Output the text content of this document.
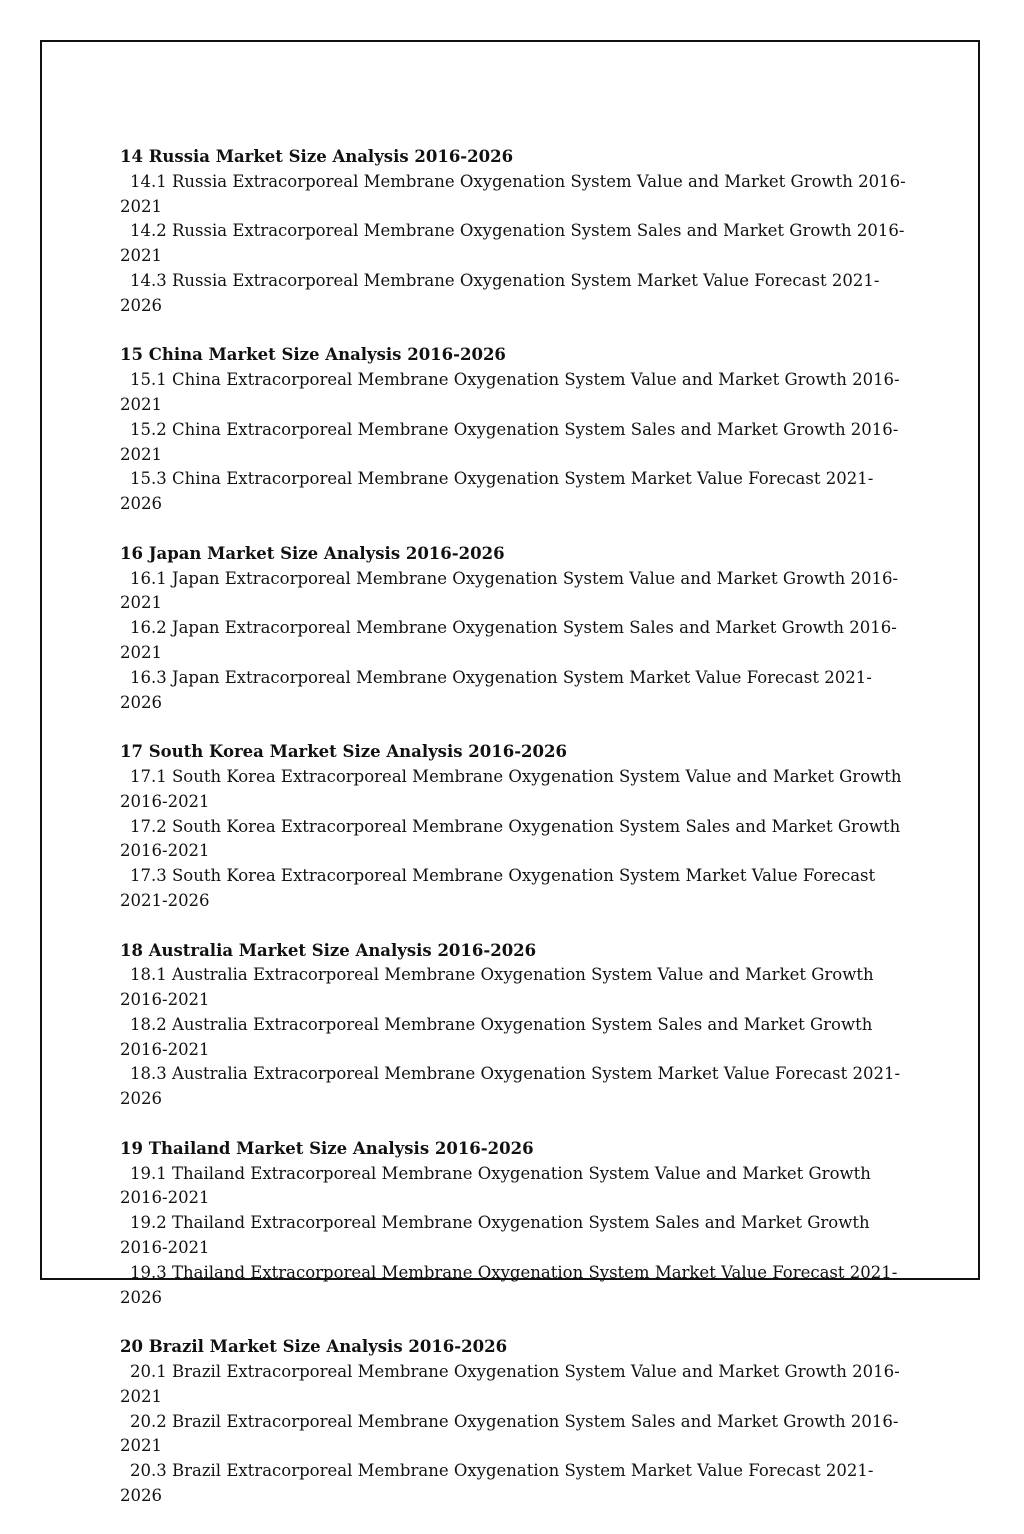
14 Russia Market Size Analysis 2016-2026

14.1 Russia Extracorporeal Membrane Oxygenation System Value and Market Growth 2016-2021

14.2 Russia Extracorporeal Membrane Oxygenation System Sales and Market Growth 2016-2021

14.3 Russia Extracorporeal Membrane Oxygenation System Market Value Forecast 2021-2026

15 China Market Size Analysis 2016-2026

15.1 China Extracorporeal Membrane Oxygenation System Value and Market Growth 2016-2021

15.2 China Extracorporeal Membrane Oxygenation System Sales and Market Growth 2016-2021

15.3 China Extracorporeal Membrane Oxygenation System Market Value Forecast 2021-2026

16 Japan Market Size Analysis 2016-2026

16.1 Japan Extracorporeal Membrane Oxygenation System Value and Market Growth 2016-2021

16.2 Japan Extracorporeal Membrane Oxygenation System Sales and Market Growth 2016-2021

16.3 Japan Extracorporeal Membrane Oxygenation System Market Value Forecast 2021-2026

17 South Korea Market Size Analysis 2016-2026

17.1 South Korea Extracorporeal Membrane Oxygenation System Value and Market Growth 2016-2021

17.2 South Korea Extracorporeal Membrane Oxygenation System Sales and Market Growth 2016-2021

17.3 South Korea Extracorporeal Membrane Oxygenation System Market Value Forecast 2021-2026

18 Australia Market Size Analysis 2016-2026

18.1 Australia Extracorporeal Membrane Oxygenation System Value and Market Growth 2016-2021

18.2 Australia Extracorporeal Membrane Oxygenation System Sales and Market Growth 2016-2021

18.3 Australia Extracorporeal Membrane Oxygenation System Market Value Forecast 2021-2026

19 Thailand Market Size Analysis 2016-2026

19.1 Thailand Extracorporeal Membrane Oxygenation System Value and Market Growth 2016-2021

19.2 Thailand Extracorporeal Membrane Oxygenation System Sales and Market Growth 2016-2021

19.3 Thailand Extracorporeal Membrane Oxygenation System Market Value Forecast 2021-2026

20 Brazil Market Size Analysis 2016-2026

20.1 Brazil Extracorporeal Membrane Oxygenation System Value and Market Growth 2016-2021

20.2 Brazil Extracorporeal Membrane Oxygenation System Sales and Market Growth 2016-2021

20.3 Brazil Extracorporeal Membrane Oxygenation System Market Value Forecast 2021-2026
